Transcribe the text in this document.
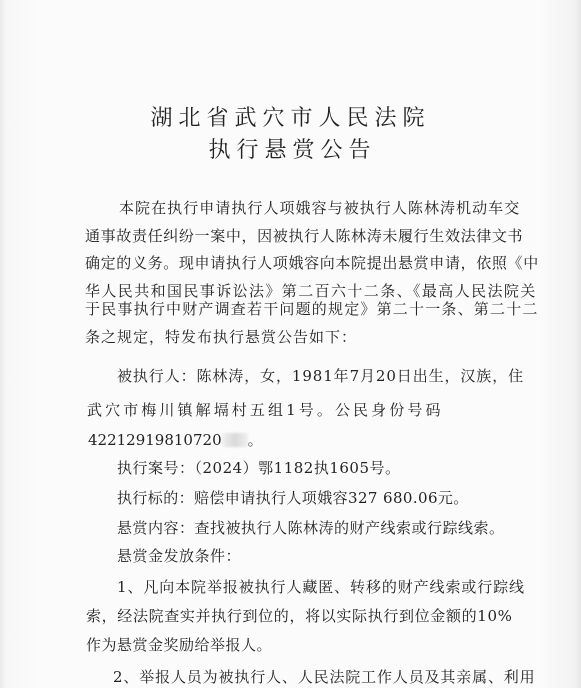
湖北省武穴市人民法院
执行悬赏公告
本院在执行申请执行人项娥容与被执行人陈林涛机动车交
通事故责任纠纷一案中，因被执行人陈林涛未履行生效法律文书
确定的义务。现申请执行人项娥容向本院提出悬赏申请，依照《中
华人民共和国民事诉讼法》第二百六十二条、《最高人民法院关
于民事执行中财产调查若干问题的规定》第二十一条、第二十二
条之规定，特发布执行悬赏公告如下：
被执行人：陈林涛，女，1981年7月20日出生，汉族，住
武穴市梅川镇解塥村五组1号。公民身份号码
42212919810720 。
执行案号：（2024）鄂1182执1605号。
执行标的：赔偿申请执行人项娥容327 680.06元。
悬赏内容：查找被执行人陈林涛的财产线索或行踪线索。
悬赏金发放条件：
1、凡向本院举报被执行人藏匿、转移的财产线索或行踪线
索，经法院查实并执行到位的，将以实际执行到位金额的10%
作为悬赏金奖励给举报人。
2、举报人员为被执行人、人民法院工作人员及其亲属、利用
